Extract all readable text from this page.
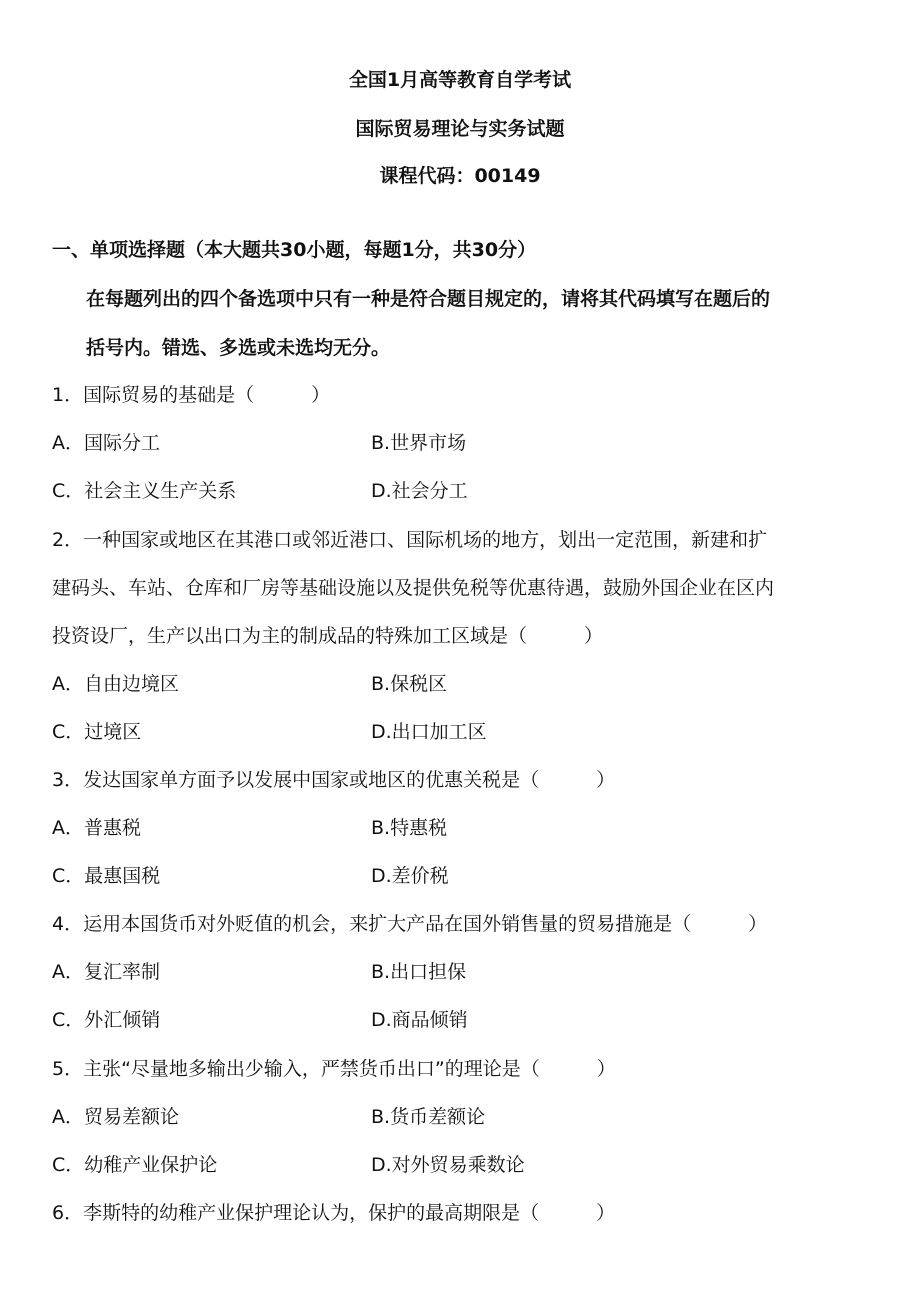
全国1月高等教育自学考试
国际贸易理论与实务试题
课程代码：00149
一、单项选择题（本大题共30小题，每题1分，共30分）
在每题列出的四个备选项中只有一种是符合题目规定的，请将其代码填写在题后的
括号内。错选、多选或未选均无分。
1．国际贸易的基础是（　　　）
A．国际分工	B.世界市场
C．社会主义生产关系	D.社会分工
2．一种国家或地区在其港口或邻近港口、国际机场的地方，划出一定范围，新建和扩
建码头、车站、仓库和厂房等基础设施以及提供免税等优惠待遇，鼓励外国企业在区内
投资设厂，生产以出口为主的制成品的特殊加工区域是（　　　）
A．自由边境区	B.保税区
C．过境区	D.出口加工区
3．发达国家单方面予以发展中国家或地区的优惠关税是（　　　）
A．普惠税	B.特惠税
C．最惠国税	D.差价税
4．运用本国货币对外贬值的机会，来扩大产品在国外销售量的贸易措施是（　　　）
A．复汇率制	B.出口担保
C．外汇倾销	D.商品倾销
5．主张“尽量地多输出少输入，严禁货币出口”的理论是（　　　）
A．贸易差额论	B.货币差额论
C．幼稚产业保护论	D.对外贸易乘数论
6．李斯特的幼稚产业保护理论认为，保护的最高期限是（　　　）
